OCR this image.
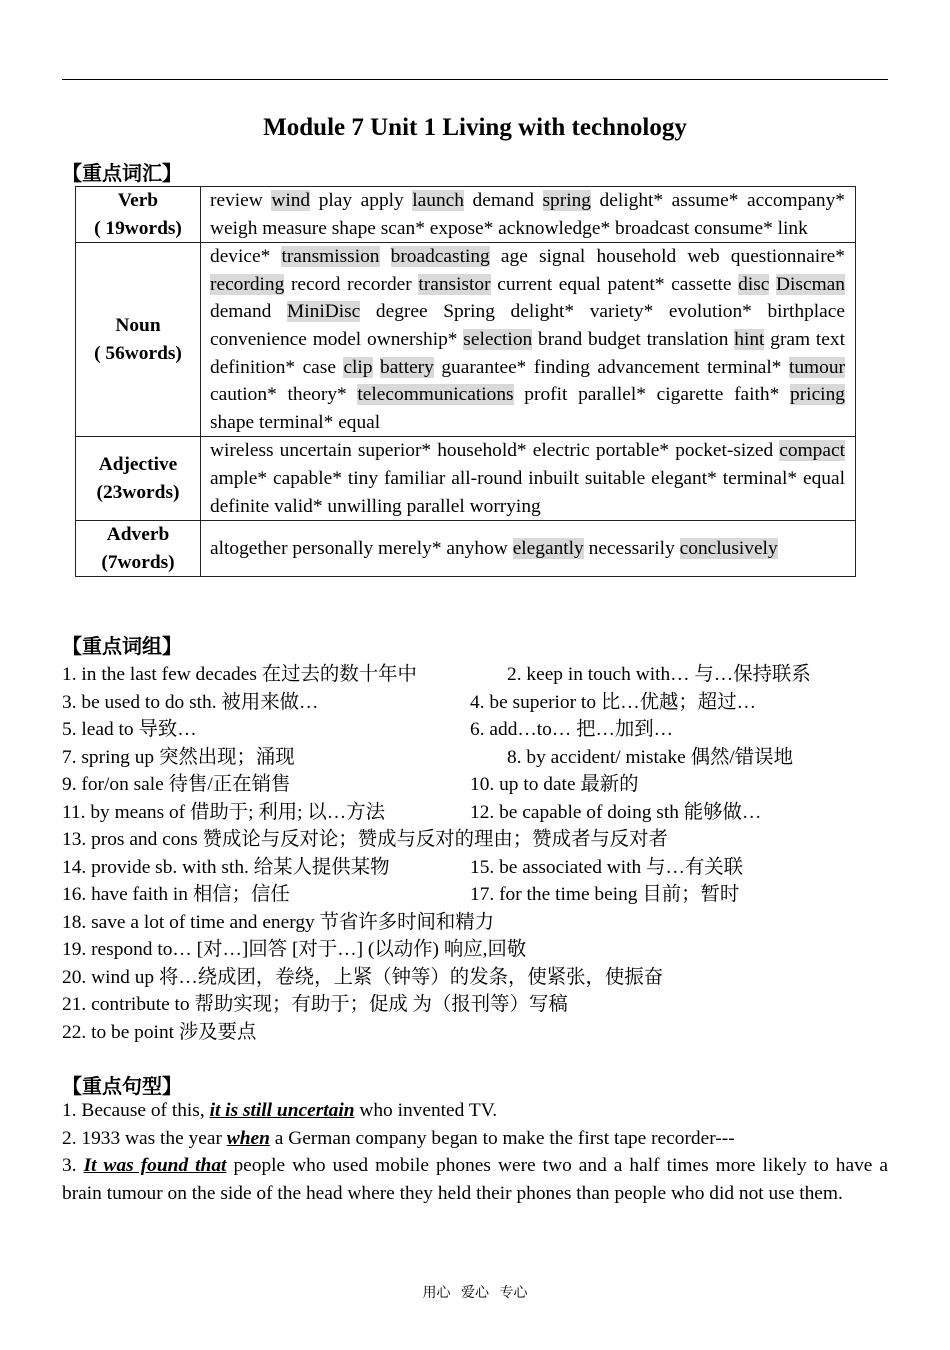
Module 7 Unit 1 Living with technology
【重点词汇】
Verb
( 19words)	review wind play apply launch demand spring delight* assume* accompany* weigh measure shape scan* expose* acknowledge* broadcast consume* link

Noun
( 56words)	device* transmission broadcasting age signal household web questionnaire* recording record recorder transistor current equal patent* cassette disc Discman demand MiniDisc degree Spring delight* variety* evolution* birthplace convenience model ownership* selection brand budget translation hint gram text definition* case clip battery guarantee* finding advancement terminal* tumour caution* theory* telecommunications profit parallel* cigarette faith* pricing shape terminal* equal

Adjective
(23words)	wireless uncertain superior* household* electric portable* pocket-sized compact ample* capable* tiny familiar all-round inbuilt suitable elegant* terminal* equal definite valid* unwilling parallel worrying

Adverb
(7words)	altogether personally merely* anyhow elegantly necessarily conclusively
【重点词组】
1. in the last few decades 在过去的数十年中	2. keep in touch with… 与…保持联系
3. be used to do sth. 被用来做…	4. be superior to 比…优越；超过…
5. lead to 导致…	6. add…to… 把…加到…
7. spring up 突然出现；涌现	8. by accident/ mistake 偶然/错误地
9. for/on sale 待售/正在销售	10. up to date 最新的
11. by means of 借助于; 利用; 以…方法	12. be capable of doing sth 能够做…
13. pros and cons 赞成论与反对论；赞成与反对的理由；赞成者与反对者
14. provide sb. with sth. 给某人提供某物	15. be associated with 与…有关联
16. have faith in 相信；信任	17. for the time being 目前；暂时
18. save a lot of time and energy 节省许多时间和精力
19. respond to… [对…]回答 [对于…] (以动作) 响应,回敬
20. wind up 将…绕成团，卷绕，上紧（钟等）的发条，使紧张，使振奋
21. contribute to 帮助实现；有助于；促成 为（报刊等）写稿
22. to be point 涉及要点
【重点句型】

1. Because of this, it is still uncertain who invented TV.

2. 1933 was the year when a German company began to make the first tape recorder---

3. It was found that people who used mobile phones were two and a half times more likely to have a brain tumour on the side of the head where they held their phones than people who did not use them.

用心 爱心 专心
